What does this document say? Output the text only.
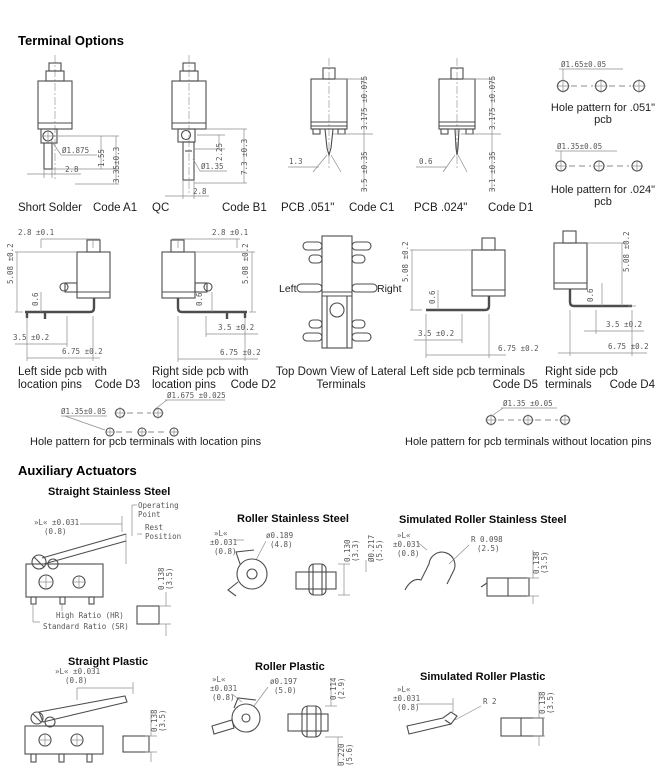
Terminal Options
Ø1.875
2.8
1.55 3.35±0.3	2.25 7.3 ±0.3
Ø1.35
2.8
3.175 ±0.075
3.5 ±0.35
1.3
3.175 ±0.075
3.1 ±0.35
0.6
Ø1.65±0.05
Hole pattern for .051"
pcb
Ø1.35±0.05
Hole pattern for .024"
pcb
Short Solder Code A1 QC	Code B1 PCB .051" Code C1 PCB .024" Code D1
2.8 ±0.1
5.08 ±0.2
0.6
3.5 ±0.2
6.75 ±0.2
2.8 ±0.1
5.08 ±0.2
0.6
3.5 ±0.2
6.75 ±0.2
Left	Right
5.08 ±0.2
0.6
3.5 ±0.2
6.75 ±0.2
5.08 ±0.2
0.6
3.5 ±0.2
6.75 ±0.2
Left side pcb with
location pins Code D3
Right side pcb with
location pins Code D2
Top Down View of Lateral
Terminals
Left side pcb terminals
Code D5
Right side pcb
terminals Code D4
Ø1.675 ±0.025
Ø1.35±0.05
Hole pattern for pcb terminals with location pins
Ø1.35 ±0.05
Hole pattern for pcb terminals without location pins
Auxiliary Actuators
Straight Stainless Steel
»L« ±0.031
(0.8)
Operating
Point
Rest
Position
High Ratio (HR)
Standard Ratio (SR)
0.138 (3.5)
Roller Stainless Steel
»L«
±0.031
(0.8)
ø0.189
(4.8)	0.130 (3.3) Ø0.217 (5.5)
Simulated Roller Stainless Steel
»L«
±0.031
(0.8)
R 0.098
(2.5)
0.138 (3.5)
Straight Plastic
»L« ±0.031
(0.8)
0.138 (3.5)
Roller Plastic
»L«
±0.031
(0.8)
ø0.197
(5.0)	0.114 (2.9)
0.220 (5.6)
Simulated Roller Plastic
»L«
±0.031
(0.8)
R 2	0.138 (3.5)
